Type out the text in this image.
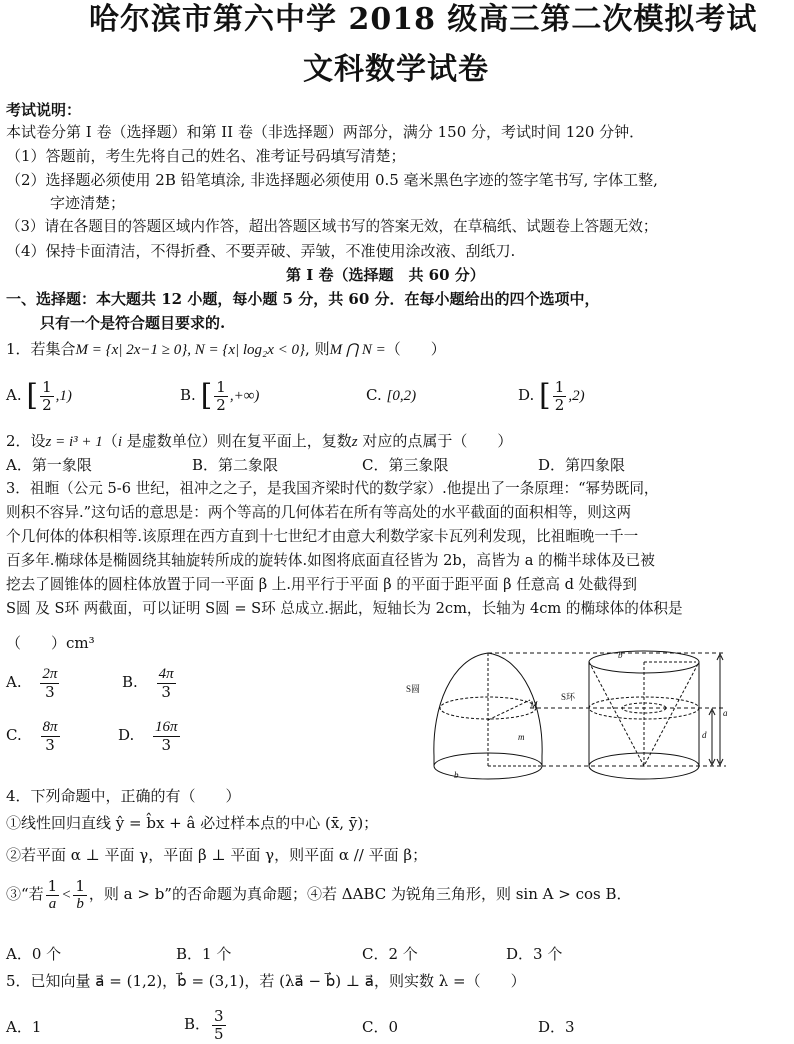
哈尔滨市第六中学 2018 级高三第二次模拟考试
文科数学试卷
考试说明：
本试卷分第 I 卷（选择题）和第 II 卷（非选择题）两部分，满分 150 分，考试时间 120 分钟．
（1）答题前，考生先将自己的姓名、准考证号码填写清楚；
（2）选择题必须使用 2B 铅笔填涂, 非选择题必须使用 0.5 毫米黑色字迹的签字笔书写, 字体工整,
字迹清楚；
（3）请在各题目的答题区域内作答，超出答题区域书写的答案无效，在草稿纸、试题卷上答题无效；
（4）保持卡面清洁，不得折叠、不要弄破、弄皱，不准使用涂改液、刮纸刀.
第 I 卷（选择题　共 60 分）
一、选择题：本大题共 12 小题，每小题 5 分，共 60 分．在每小题给出的四个选项中，
只有一个是符合题目要求的.
1．若集合M = {x| 2x−1 ≥ 0}, N = {x| log₂x < 0}, 则M ⋂ N =（　　）
A. [ $\frac{1}{2} ,1$)	B. [ $\frac{1}{2}$ ,+∞)	C. [0,2)	D. [ $\frac{1}{2} ,2$)
2．设z = i³ + 1（i 是虚数单位）则在复平面上，复数z 对应的点属于（　　）
A．第一象限	B．第二象限	C．第三象限	D．第四象限
3．祖暅（公元 5-6 世纪，祖冲之之子，是我国齐梁时代的数学家）.他提出了一条原理：“幂势既同，
则积不容异.”这句话的意思是：两个等高的几何体若在所有等高处的水平截面的面积相等，则这两
个几何体的体积相等.该原理在西方直到十七世纪才由意大利数学家卡瓦列利发现，比祖暅晚一千一
百多年.椭球体是椭圆绕其轴旋转所成的旋转体.如图将底面直径皆为 2b，高皆为 a 的椭半球体及已被
挖去了圆锥体的圆柱体放置于同一平面 β 上.用平行于平面 β 的平面于距平面 β 任意高 d 处截得到
S圆 及 S环 两截面，可以证明 S圆 = S环 总成立.据此，短轴长为 2cm，长轴为 4cm 的椭球体的体积是
（　　）cm³
A. $\frac{2\pi}{3}$	B. $\frac{4\pi}{3}$
C. $\frac{8\pi}{3}$	D. $\frac{16\pi}{3}$
S圆
S环
M
m
b
b
a
d
4．下列命题中，正确的有（　　）
①线性回归直线 ŷ = b̂x + â 必过样本点的中心 (x̄, ȳ)；
②若平面 α ⊥ 平面 γ，平面 β ⊥ 平面 γ，则平面 α // 平面 β；
③“若 $\frac{1}{a} < \frac{1}{b}$ ，则 a > b”的否命题为真命题；④若 ΔABC 为锐角三角形，则 sin A > cos B．
A．0 个	B．1 个	C．2 个	D．3 个
5．已知向量 a⃗ = (1,2)，b⃗ = (3,1)，若 (λa⃗ − b⃗) ⊥ a⃗，则实数 λ =（　　）
A．1	B． $\frac{3}{5}$	C．0	D．3
